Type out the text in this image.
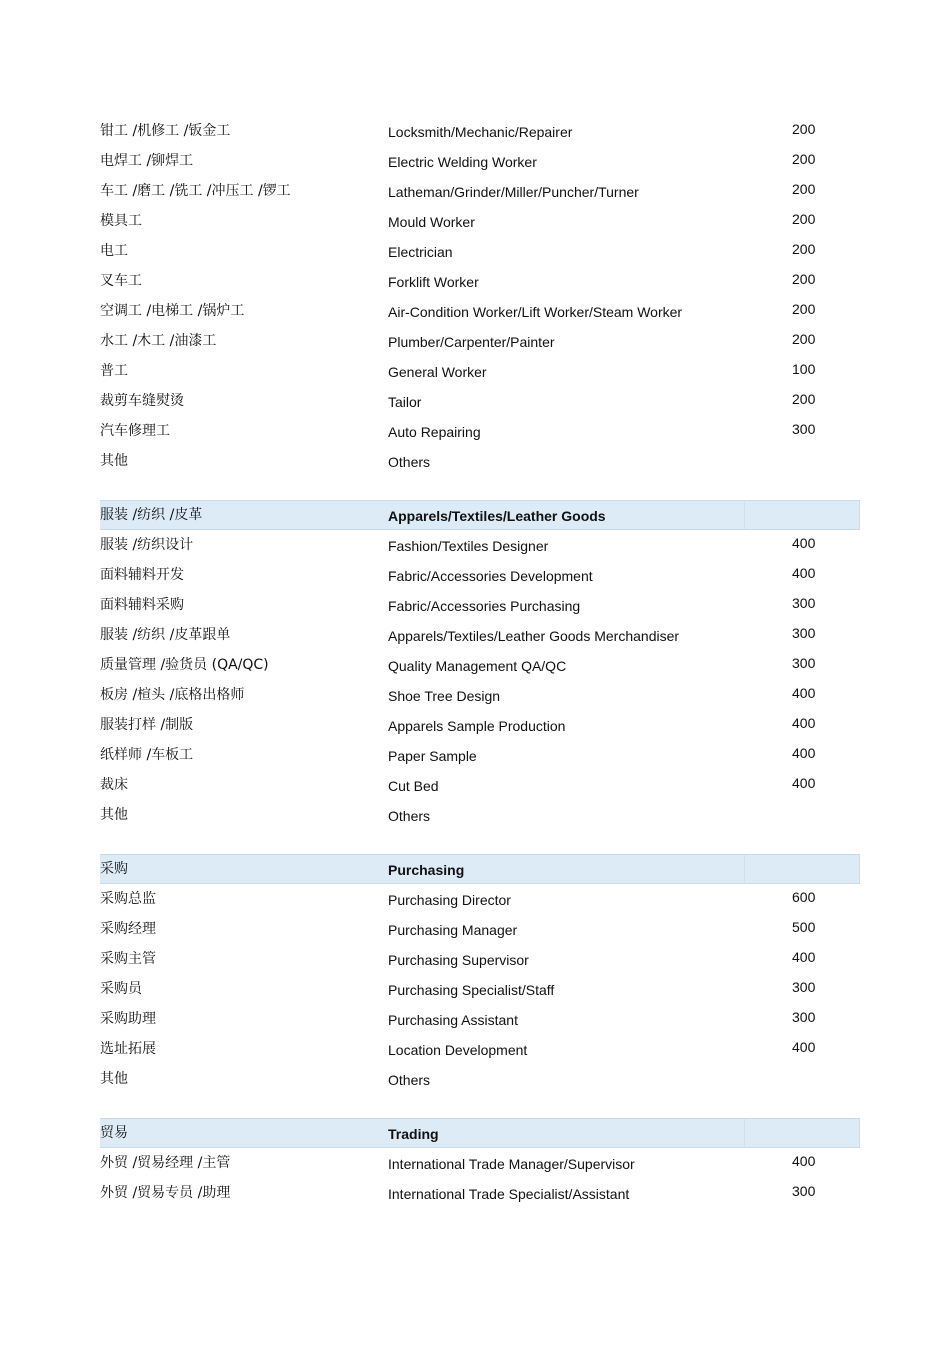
钳工 /机修工 /钣金工	Locksmith/Mechanic/Repairer	200
电焊工 /铆焊工	Electric Welding Worker	200
车工 /磨工 /铣工 /冲压工 /锣工	Latheman/Grinder/Miller/Puncher/Turner	200
模具工	Mould Worker	200
电工	Electrician	200
叉车工	Forklift Worker	200
空调工 /电梯工 /锅炉工	Air-Condition Worker/Lift Worker/Steam Worker	200
水工 /木工 /油漆工	Plumber/Carpenter/Painter	200
普工	General Worker	100
裁剪车缝熨烫	Tailor	200
汽车修理工	Auto Repairing	300
其他	Others
服装 /纺织 /皮革	Apparels/Textiles/Leather Goods
服装 /纺织设计	Fashion/Textiles Designer	400
面料辅料开发	Fabric/Accessories Development	400
面料辅料采购	Fabric/Accessories Purchasing	300
服装 /纺织 /皮革跟单	Apparels/Textiles/Leather Goods Merchandiser	300
质量管理 /验货员 (QA/QC)	Quality Management QA/QC	300
板房 /楦头 /底格出格师	Shoe Tree Design	400
服装打样 /制版	Apparels Sample Production	400
纸样师 /车板工	Paper Sample	400
裁床	Cut Bed	400
其他	Others
采购	Purchasing
采购总监	Purchasing Director	600
采购经理	Purchasing Manager	500
采购主管	Purchasing Supervisor	400
采购员	Purchasing Specialist/Staff	300
采购助理	Purchasing Assistant	300
选址拓展	Location Development	400
其他	Others
贸易	Trading
外贸 /贸易经理 /主管	International Trade Manager/Supervisor	400
外贸 /贸易专员 /助理	International Trade Specialist/Assistant	300
